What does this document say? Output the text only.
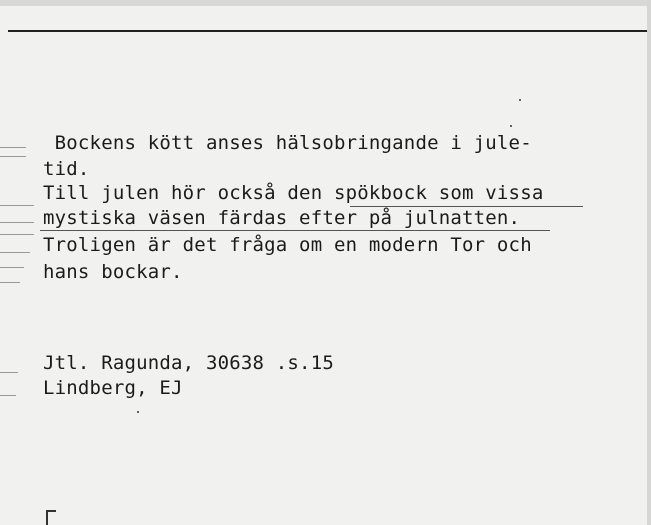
Bockens kött anses hälsobringande i jule-
tid.
Till julen hör också den spökbock som vissa
mystiska väsen färdas efter på julnatten.
Troligen är det fråga om en modern Tor och
hans bockar.
Jtl. Ragunda, 30638 .s.15
Lindberg, EJ
